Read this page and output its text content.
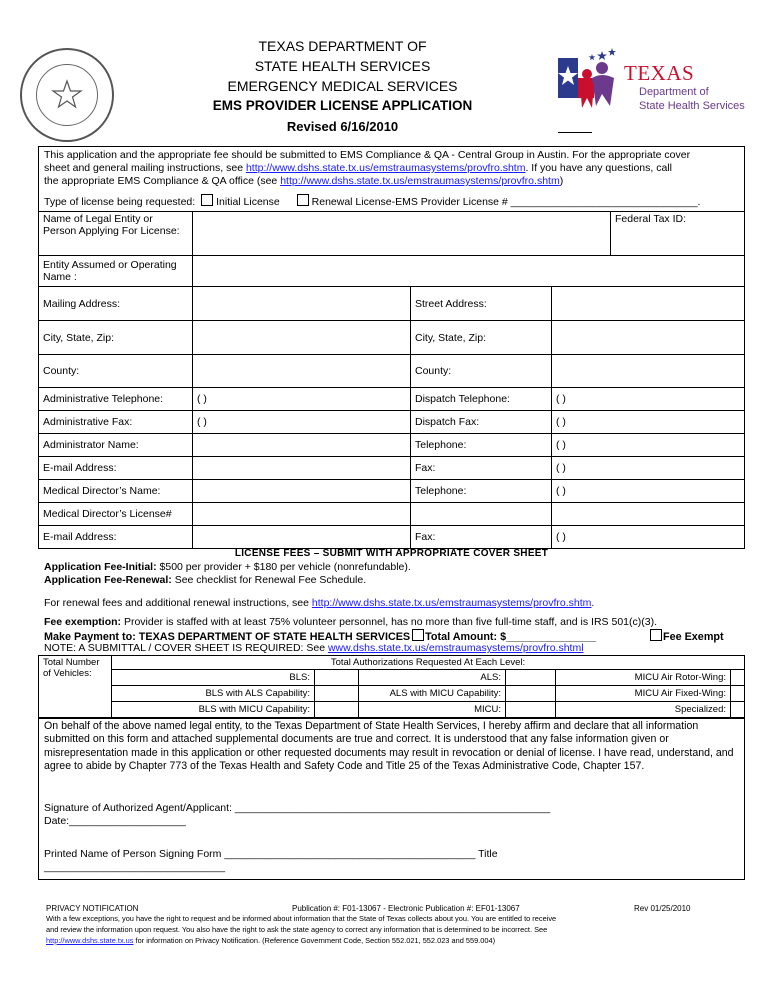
TEXAS DEPARTMENT OF
STATE HEALTH SERVICES
EMERGENCY MEDICAL SERVICES
EMS PROVIDER LICENSE APPLICATION
Revised 6/16/2010
TEXAS
Department of
State Health Services
This application and the appropriate fee should be submitted to EMS Compliance & QA - Central Group in Austin. For the appropriate cover
sheet and general mailing instructions, see http://www.dshs.state.tx.us/emstraumasystems/provfro.shtm. If you have any questions, call
the appropriate EMS Compliance & QA office (see http://www.dshs.state.tx.us/emstraumasystems/provfro.shtm)
Type of license being requested: Initial License	Renewal License-EMS Provider License # ________________________________.
Name of Legal Entity or Person Applying For License:		Federal Tax ID:
Entity Assumed or Operating Name :		
Mailing Address:		Street Address:	
City, State, Zip:		City, State, Zip:	
County:		County:	
Administrative Telephone:	( )	Dispatch Telephone:	( )
Administrative Fax:	( )	Dispatch Fax:	( )
Administrator Name:		Telephone:	( )
E-mail Address:		Fax:	( )
Medical Director’s Name:		Telephone:	( )
Medical Director’s License#			
E-mail Address:		Fax:	( )
LICENSE FEES – SUBMIT WITH APPROPRIATE COVER SHEET
Application Fee-Initial: $500 per provider + $180 per vehicle (nonrefundable).
Application Fee-Renewal: See checklist for Renewal Fee Schedule.
For renewal fees and additional renewal instructions, see http://www.dshs.state.tx.us/emstraumasystems/provfro.shtm.
Fee exemption: Provider is staffed with at least 75% volunteer personnel, has no more than five full-time staff, and is IRS 501(c)(3).
Make Payment to: TEXAS DEPARTMENT OF STATE HEALTH SERVICES Total Amount: $_______________	Fee Exempt
NOTE: A SUBMITTAL / COVER SHEET IS REQUIRED: See www.dshs.state.tx.us/emstraumasystems/provfro.shtml
Total Number of Vehicles:	Total Authorizations Requested At Each Level:					
	BLS:		ALS:		MICU Air Rotor-Wing:	
	BLS with ALS Capability:		ALS with MICU Capability:		MICU Air Fixed-Wing:	
	BLS with MICU Capability:		MICU:		Specialized:	
On behalf of the above named legal entity, to the Texas Department of State Health Services, I hereby affirm and declare that all information submitted on this form and attached supplemental documents are true and correct. It is understood that any false information given or misrepresentation made in this application or other requested documents may result in revocation or denial of license. I have read, understand, and agree to abide by Chapter 773 of the Texas Health and Safety Code and Title 25 of the Texas Administrative Code, Chapter 157.
Signature of Authorized Agent/Applicant: ______________________________________________________
Date:____________________
Printed Name of Person Signing Form ___________________________________________ Title
_______________________________
PRIVACY NOTIFICATION	Publication #: F01-13067 - Electronic Publication #: EF01-13067	Rev 01/25/2010
With a few exceptions, you have the right to request and be informed about information that the State of Texas collects about you. You are entitled to receive
and review the information upon request. You also have the right to ask the state agency to correct any information that is determined to be incorrect. See
http://www.dshs.state.tx.us for information on Privacy Notification. (Reference Government Code, Section 552.021, 552.023 and 559.004)
